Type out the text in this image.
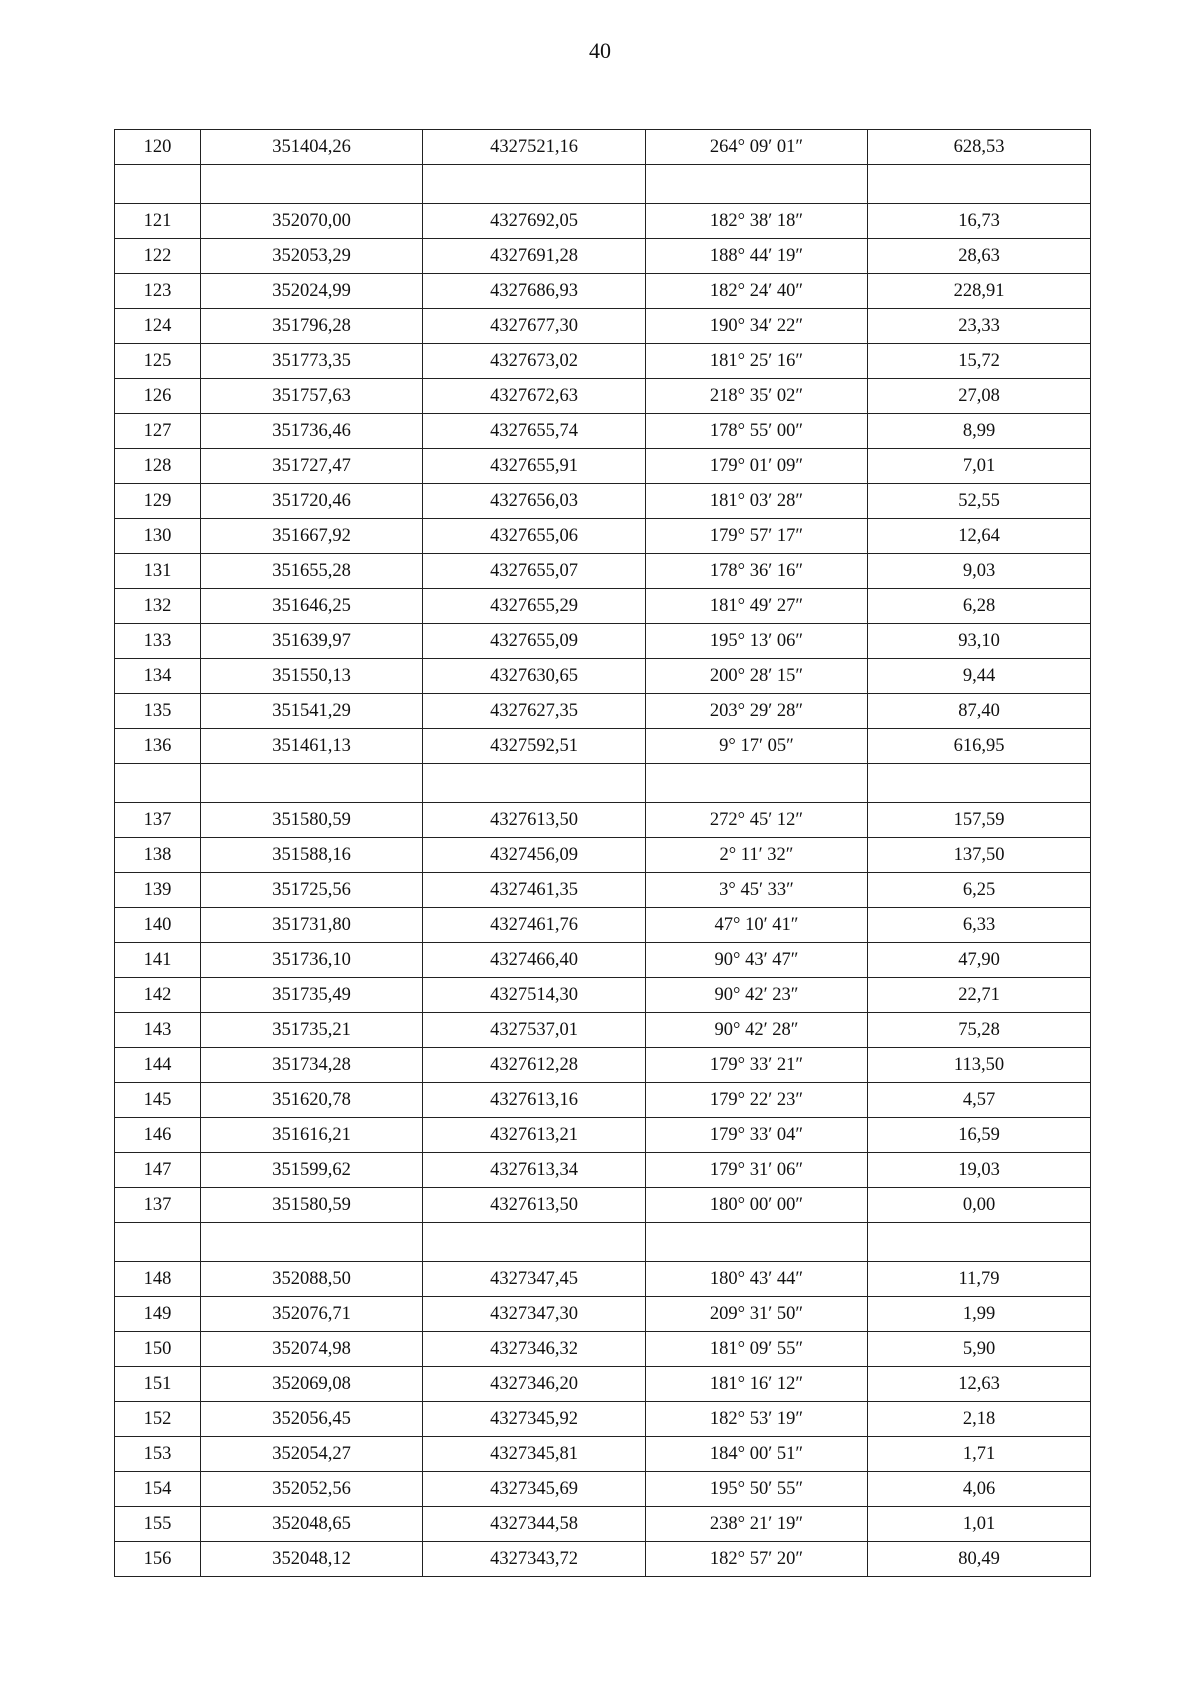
40
120	351404,26	4327521,16	264° 09′ 01″	628,53

121	352070,00	4327692,05	182° 38′ 18″	16,73
122	352053,29	4327691,28	188° 44′ 19″	28,63
123	352024,99	4327686,93	182° 24′ 40″	228,91
124	351796,28	4327677,30	190° 34′ 22″	23,33
125	351773,35	4327673,02	181° 25′ 16″	15,72
126	351757,63	4327672,63	218° 35′ 02″	27,08
127	351736,46	4327655,74	178° 55′ 00″	8,99
128	351727,47	4327655,91	179° 01′ 09″	7,01
129	351720,46	4327656,03	181° 03′ 28″	52,55
130	351667,92	4327655,06	179° 57′ 17″	12,64
131	351655,28	4327655,07	178° 36′ 16″	9,03
132	351646,25	4327655,29	181° 49′ 27″	6,28
133	351639,97	4327655,09	195° 13′ 06″	93,10
134	351550,13	4327630,65	200° 28′ 15″	9,44
135	351541,29	4327627,35	203° 29′ 28″	87,40
136	351461,13	4327592,51	9° 17′ 05″	616,95

137	351580,59	4327613,50	272° 45′ 12″	157,59
138	351588,16	4327456,09	2° 11′ 32″	137,50
139	351725,56	4327461,35	3° 45′ 33″	6,25
140	351731,80	4327461,76	47° 10′ 41″	6,33
141	351736,10	4327466,40	90° 43′ 47″	47,90
142	351735,49	4327514,30	90° 42′ 23″	22,71
143	351735,21	4327537,01	90° 42′ 28″	75,28
144	351734,28	4327612,28	179° 33′ 21″	113,50
145	351620,78	4327613,16	179° 22′ 23″	4,57
146	351616,21	4327613,21	179° 33′ 04″	16,59
147	351599,62	4327613,34	179° 31′ 06″	19,03
137	351580,59	4327613,50	180° 00′ 00″	0,00

148	352088,50	4327347,45	180° 43′ 44″	11,79
149	352076,71	4327347,30	209° 31′ 50″	1,99
150	352074,98	4327346,32	181° 09′ 55″	5,90
151	352069,08	4327346,20	181° 16′ 12″	12,63
152	352056,45	4327345,92	182° 53′ 19″	2,18
153	352054,27	4327345,81	184° 00′ 51″	1,71
154	352052,56	4327345,69	195° 50′ 55″	4,06
155	352048,65	4327344,58	238° 21′ 19″	1,01
156	352048,12	4327343,72	182° 57′ 20″	80,49
